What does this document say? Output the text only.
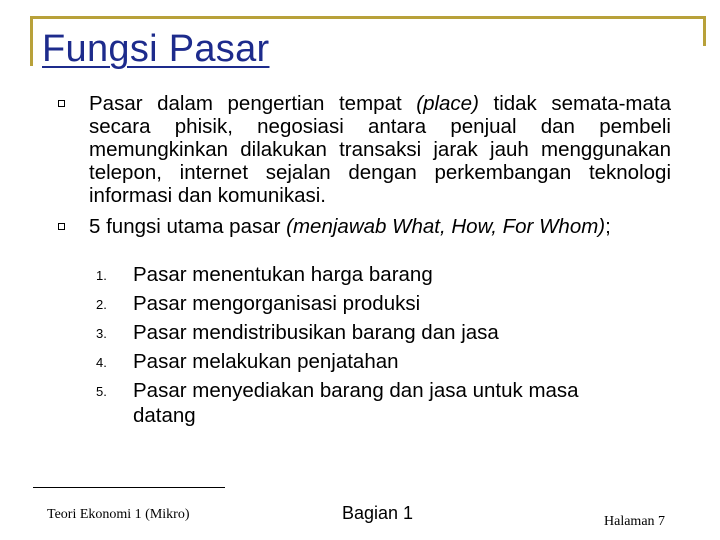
Fungsi Pasar
Pasar dalam pengertian tempat (place) tidak semata-mata secara phisik, negosiasi antara penjual dan pembeli memungkinkan dilakukan transaksi jarak jauh menggunakan telepon, internet sejalan dengan perkembangan teknologi informasi dan komunikasi.
5 fungsi utama pasar (menjawab What, How, For Whom);
1. Pasar menentukan harga barang
2. Pasar mengorganisasi produksi
3. Pasar mendistribusikan barang dan jasa
4. Pasar melakukan penjatahan
5. Pasar menyediakan barang dan jasa untuk masa
datang
Teori Ekonomi 1 (Mikro)	Bagian 1	Halaman 7
